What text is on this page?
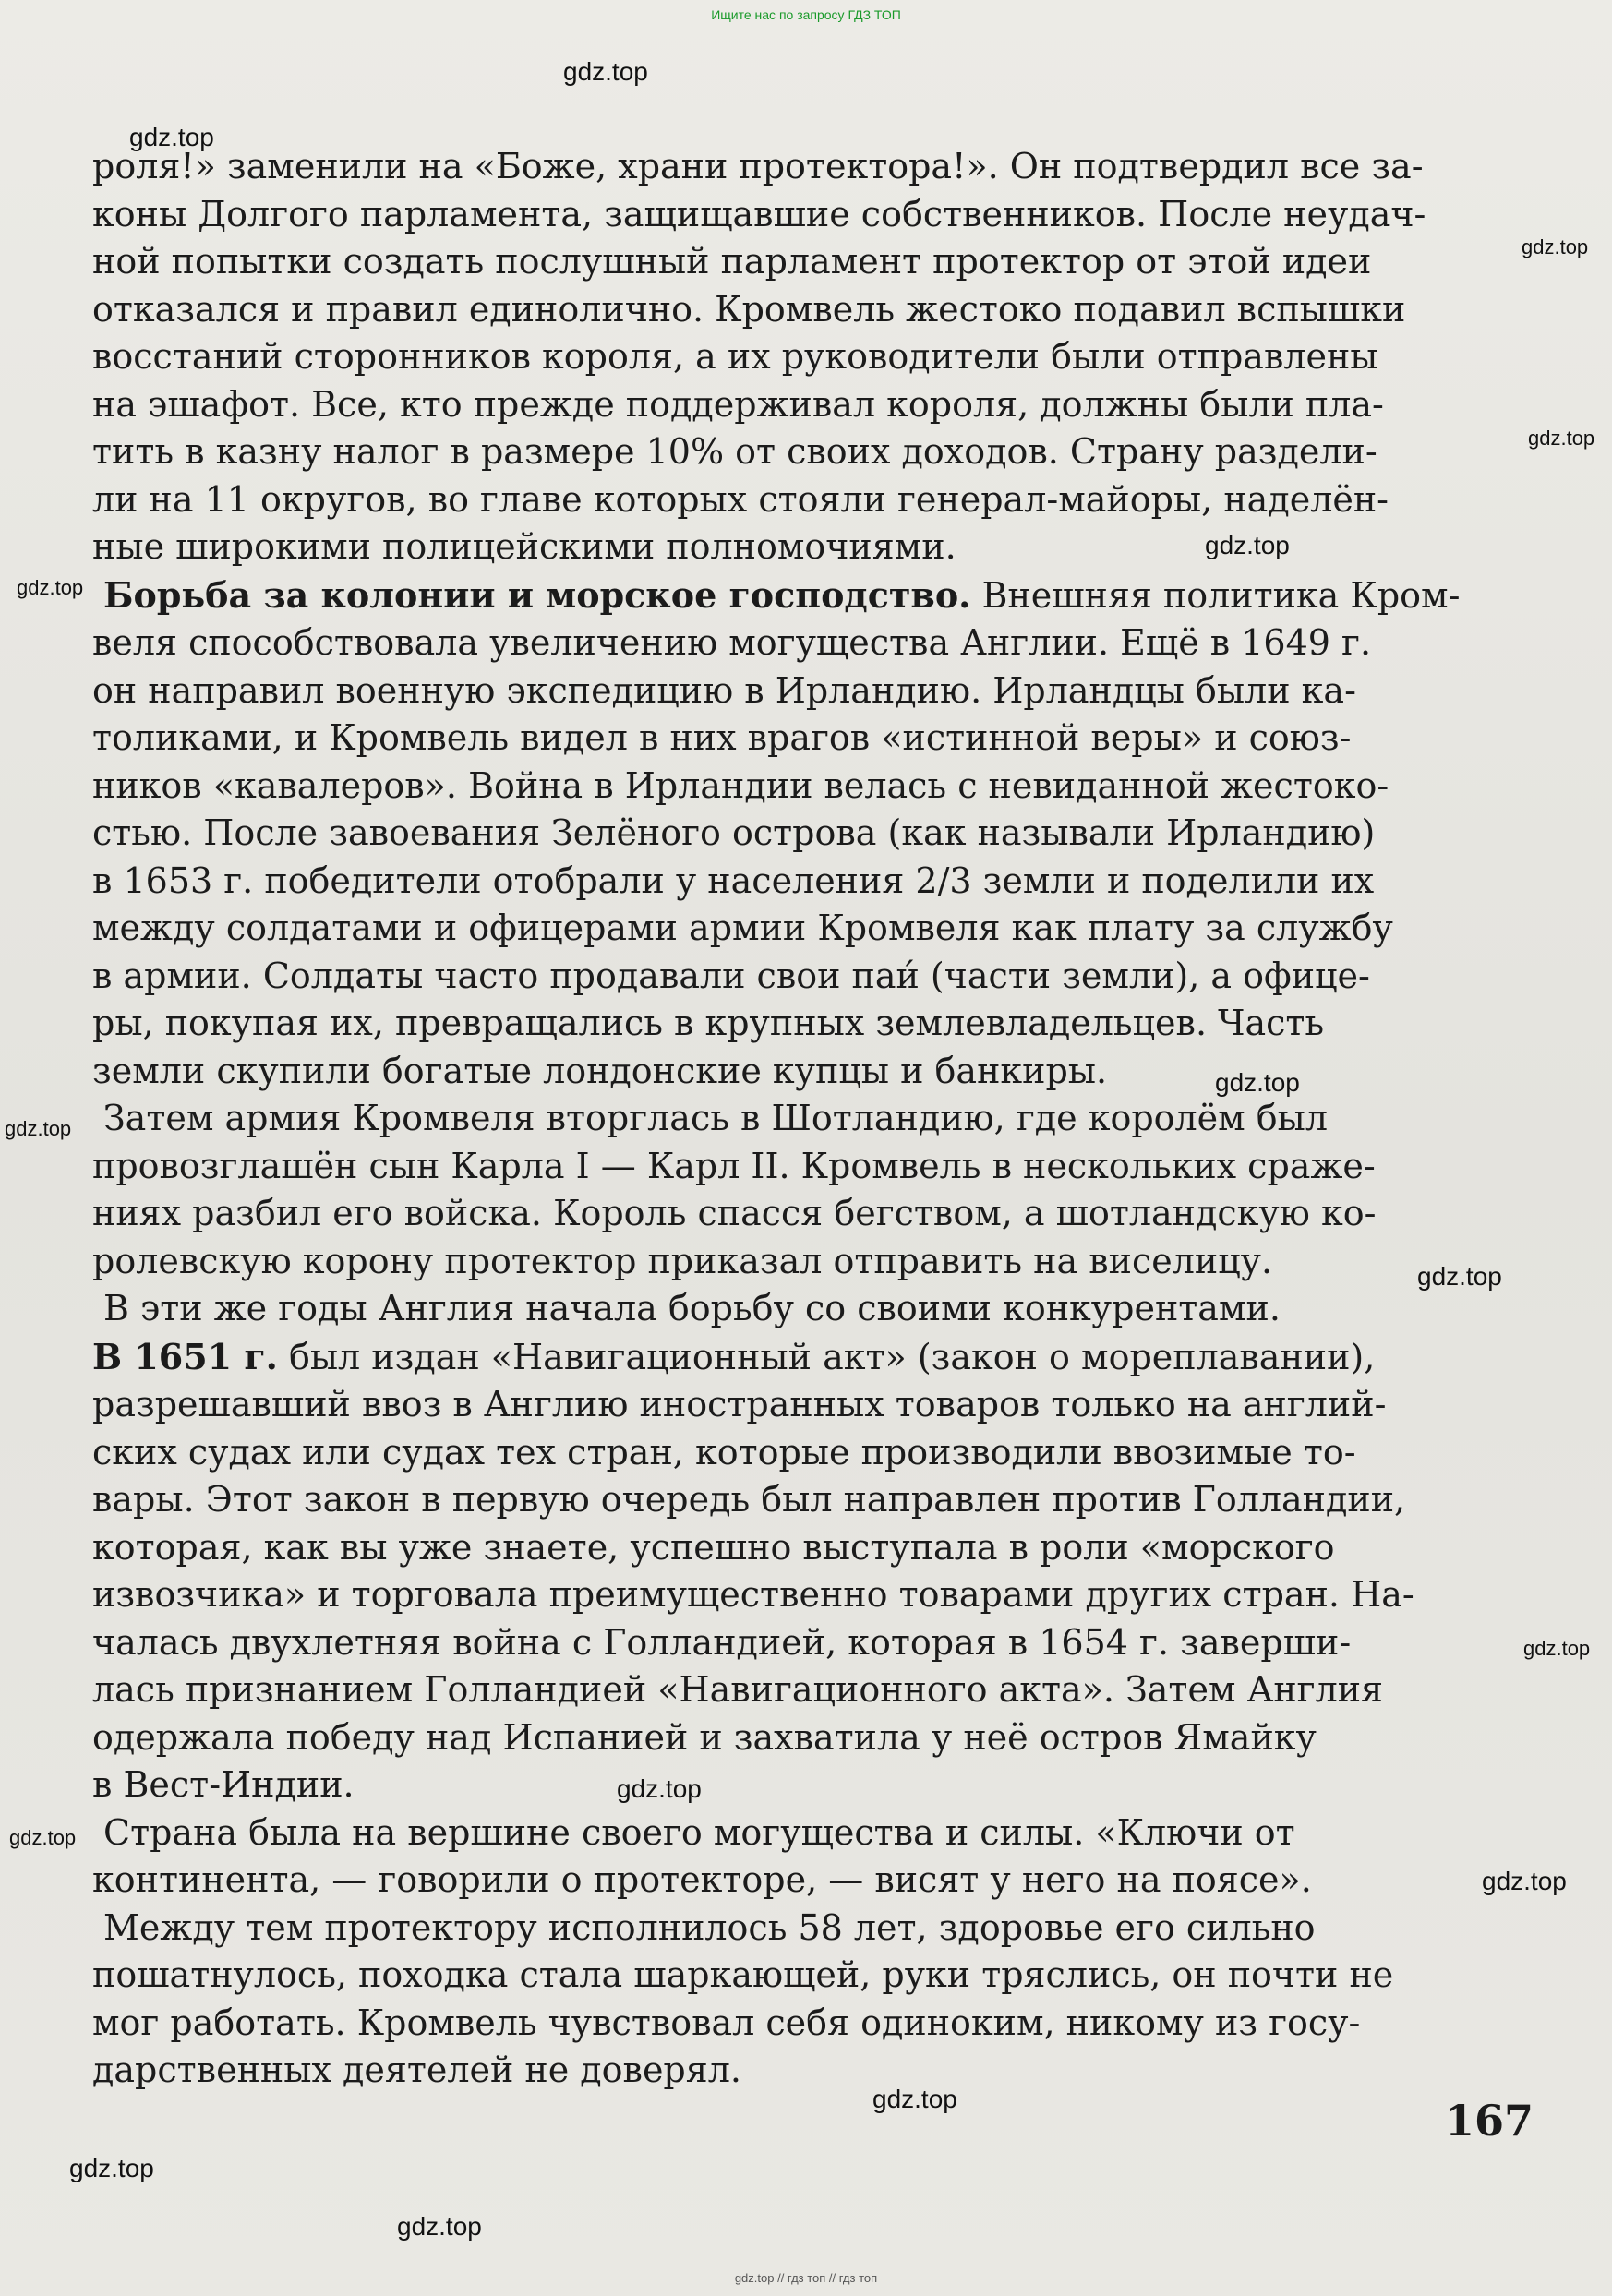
Ищите нас по запросу ГДЗ ТОП
роля!» заменили на «Боже, храни протектора!». Он подтвердил все за-
коны Долгого парламента, защищавшие собственников. После неудач-
ной попытки создать послушный парламент протектор от этой идеи
отказался и правил единолично. Кромвель жестоко подавил вспышки
восстаний сторонников короля, а их руководители были отправлены
на эшафот. Все, кто прежде поддерживал короля, должны были пла-
тить в казну налог в размере 10% от своих доходов. Страну раздели-
ли на 11 округов, во главе которых стояли генерал-майоры, наделён-
ные широкими полицейскими полномочиями.
Борьба за колонии и морское господство. Внешняя политика Кром-
веля способствовала увеличению могущества Англии. Ещё в 1649 г.
он направил военную экспедицию в Ирландию. Ирландцы были ка-
толиками, и Кромвель видел в них врагов «истинной веры» и союз-
ников «кавалеров». Война в Ирландии велась с невиданной жестоко-
стью. После завоевания Зелёного острова (как называли Ирландию)
в 1653 г. победители отобрали у населения 2/3 земли и поделили их
между солдатами и офицерами армии Кромвеля как плату за службу
в армии. Солдаты часто продавали свои паи́ (части земли), а офице-
ры, покупая их, превращались в крупных землевладельцев. Часть
земли скупили богатые лондонские купцы и банкиры.
Затем армия Кромвеля вторглась в Шотландию, где королём был
провозглашён сын Карла I — Карл II. Кромвель в нескольких сраже-
ниях разбил его войска. Король спасся бегством, а шотландскую ко-
ролевскую корону протектор приказал отправить на виселицу.
В эти же годы Англия начала борьбу со своими конкурентами.
В 1651 г. был издан «Навигационный акт» (закон о мореплавании),
разрешавший ввоз в Англию иностранных товаров только на англий-
ских судах или судах тех стран, которые производили ввозимые то-
вары. Этот закон в первую очередь был направлен против Голландии,
которая, как вы уже знаете, успешно выступала в роли «морского
извозчика» и торговала преимущественно товарами других стран. На-
чалась двухлетняя война с Голландией, которая в 1654 г. заверши-
лась признанием Голландией «Навигационного акта». Затем Англия
одержала победу над Испанией и захватила у неё остров Ямайку
в Вест-Индии.
Страна была на вершине своего могущества и силы. «Ключи от
континента, — говорили о протекторе, — висят у него на поясе».
Между тем протектору исполнилось 58 лет, здоровье его сильно
пошатнулось, походка стала шаркающей, руки тряслись, он почти не
мог работать. Кромвель чувствовал себя одиноким, никому из госу-
дарственных деятелей не доверял.
167
gdz.top
gdz.top
gdz.top
gdz.top
gdz.top
gdz.top
gdz.top
gdz.top
gdz.top
gdz.top
gdz.top
gdz.top
gdz.top
gdz.top
gdz.top
gdz.top
gdz.top // гдз топ // гдз топ
